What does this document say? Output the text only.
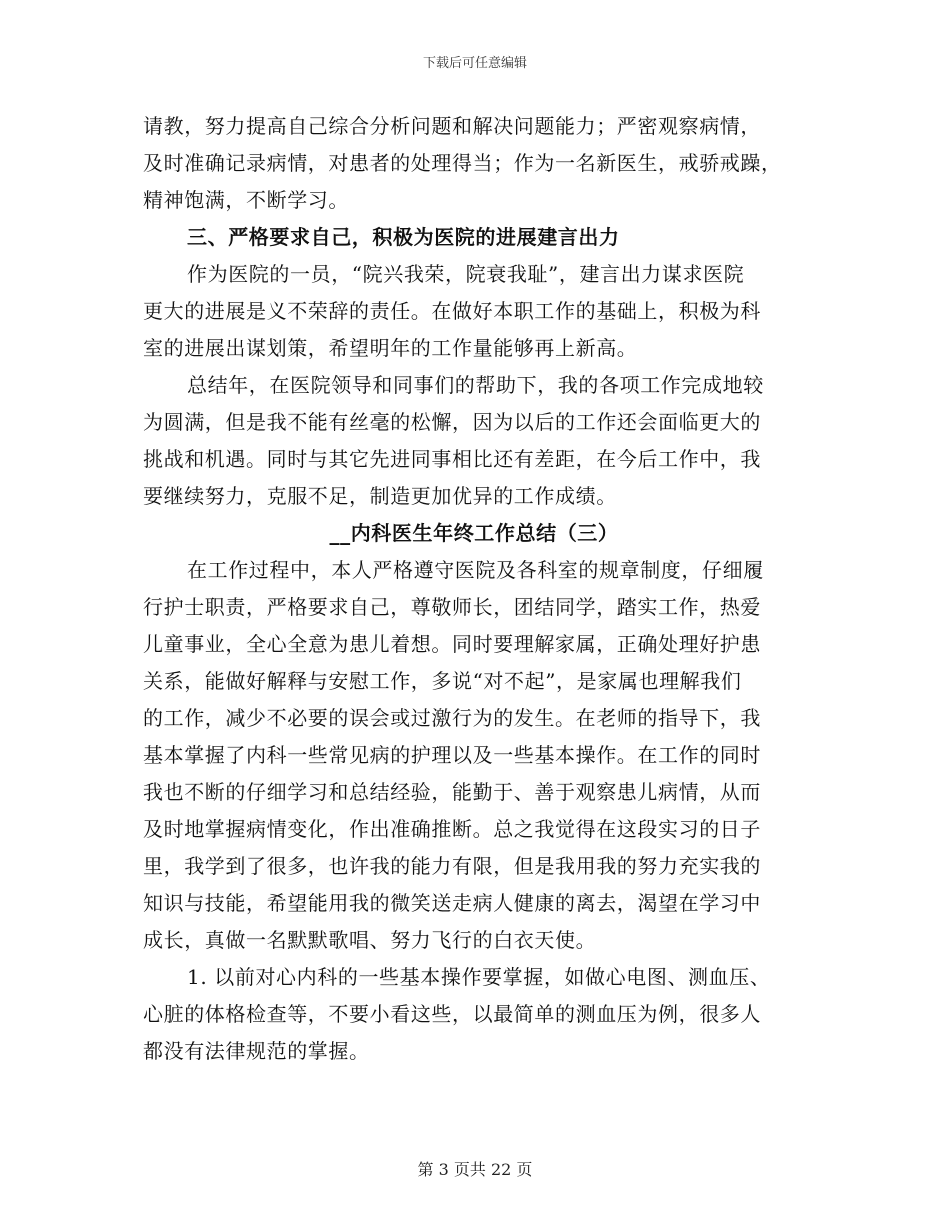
下载后可任意编辑
请教，努力提高自己综合分析问题和解决问题能力；严密观察病情，
及时准确记录病情，对患者的处理得当；作为一名新医生，戒骄戒躁，
精神饱满，不断学习。
三、严格要求自己，积极为医院的进展建言出力
作为医院的一员，“院兴我荣，院衰我耻”，建言出力谋求医院
更大的进展是义不荣辞的责任。在做好本职工作的基础上，积极为科
室的进展出谋划策，希望明年的工作量能够再上新高。
总结年，在医院领导和同事们的帮助下，我的各项工作完成地较
为圆满，但是我不能有丝毫的松懈，因为以后的工作还会面临更大的
挑战和机遇。同时与其它先进同事相比还有差距，在今后工作中，我
要继续努力，克服不足，制造更加优异的工作成绩。
__内科医生年终工作总结（三）
在工作过程中，本人严格遵守医院及各科室的规章制度，仔细履
行护士职责，严格要求自己，尊敬师长，团结同学，踏实工作，热爱
儿童事业，全心全意为患儿着想。同时要理解家属，正确处理好护患
关系，能做好解释与安慰工作，多说“对不起”，是家属也理解我们
的工作，减少不必要的误会或过激行为的发生。在老师的指导下，我
基本掌握了内科一些常见病的护理以及一些基本操作。在工作的同时
我也不断的仔细学习和总结经验，能勤于、善于观察患儿病情，从而
及时地掌握病情变化，作出准确推断。总之我觉得在这段实习的日子
里，我学到了很多，也许我的能力有限，但是我用我的努力充实我的
知识与技能，希望能用我的微笑送走病人健康的离去，渴望在学习中
成长，真做一名默默歌唱、努力飞行的白衣天使。
1. 以前对心内科的一些基本操作要掌握，如做心电图、测血压、
心脏的体格检查等，不要小看这些，以最简单的测血压为例，很多人
都没有法律规范的掌握。
第 3 页共 22 页
